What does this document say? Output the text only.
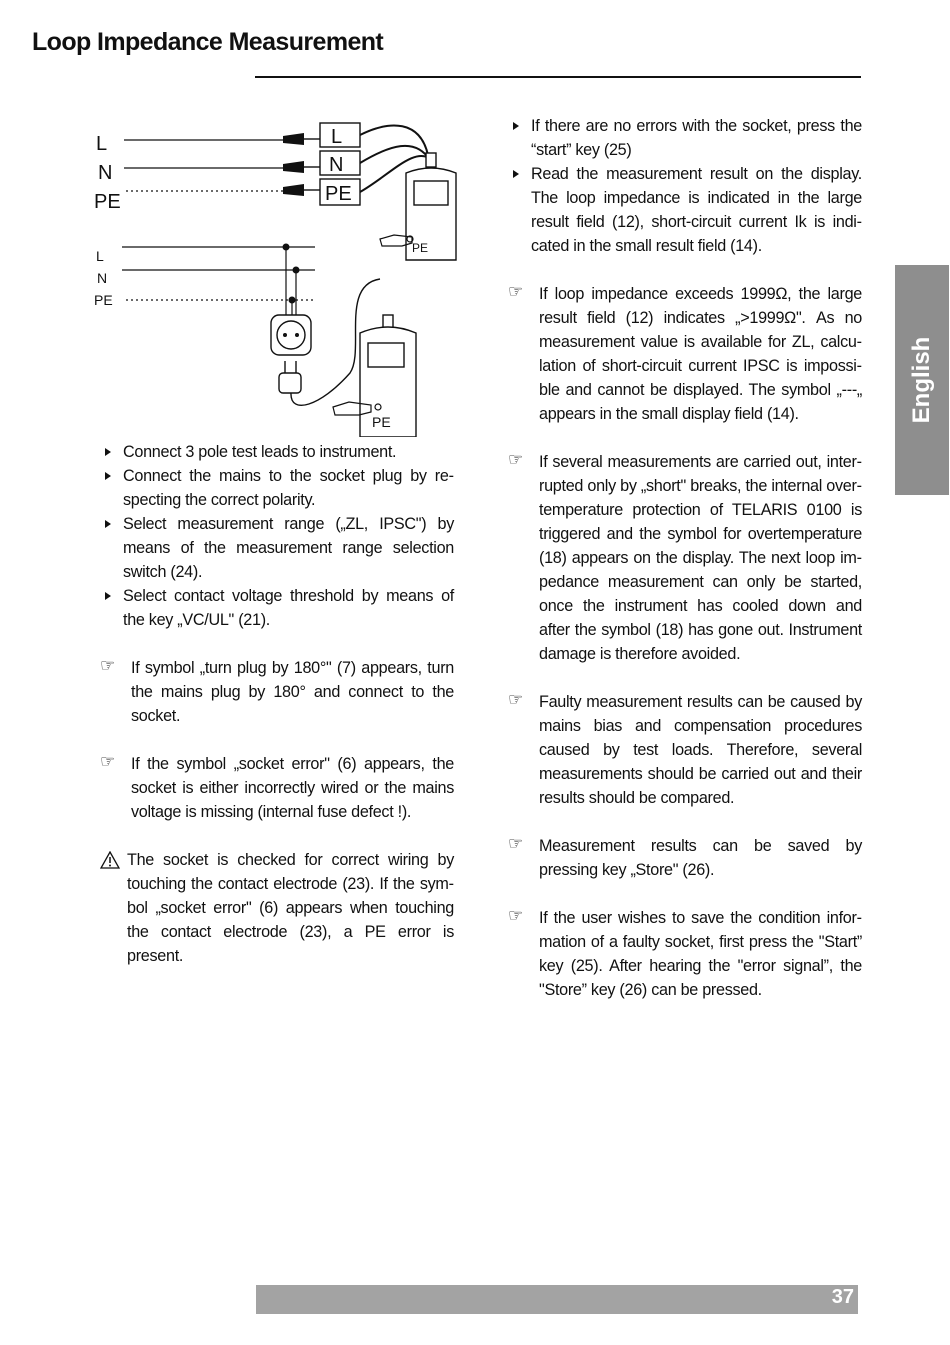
Loop Impedance Measurement
L
N
PE
L
N
PE
PE
L
N
PE
PE
Connect 3 pole test leads to instrument.
Connect the mains to the socket plug by respecting the correct polarity.
Select measurement range („ZL, IPSC") by means of the measurement range selection switch (24).
Select contact voltage threshold by means of the key „VC/UL" (21).
☞ If symbol „turn plug by 180°" (7) appears, turn the mains plug by 180° and connect to the socket.
☞ If the symbol „socket error" (6) appears, the socket is either incorrectly wired or the mains voltage is missing (internal fuse defect !).
The socket is checked for correct wiring by touching the contact electrode (23). If the symbol „socket error" (6) appears when touching the contact electrode (23), a PE error is present.
If there are no errors with the socket, press the “start” key (25)
Read the measurement result on the display. The loop impedance is indicated in the large result field (12), short-circuit current Ik is indicated in the small result field (14).
☞ If loop impedance exceeds 1999Ω, the large result field (12) indicates „>1999Ω". As no measurement value is available for ZL, calculation of short-circuit current IPSC is impossible and cannot be displayed. The symbol „---„ appears in the small display field (14).
☞ If several measurements are carried out, interrupted only by „short" breaks, the internal overtemperature protection of TELARIS 0100 is triggered and the symbol for overtemperature (18) appears on the display. The next loop impedance measurement can only be started, once the instrument has cooled down and after the symbol (18) has gone out. Instrument damage is therefore avoided.
☞ Faulty measurement results can be caused by mains bias and compensation procedures caused by test loads. Therefore, several measurements should be carried out and their results should be compared.
☞ Measurement results can be saved by pressing key „Store" (26).
☞ If the user wishes to save the condition information of a faulty socket, first press the "Start” key (25). After hearing the "error signal”, the "Store” key (26) can be pressed.
English
37
